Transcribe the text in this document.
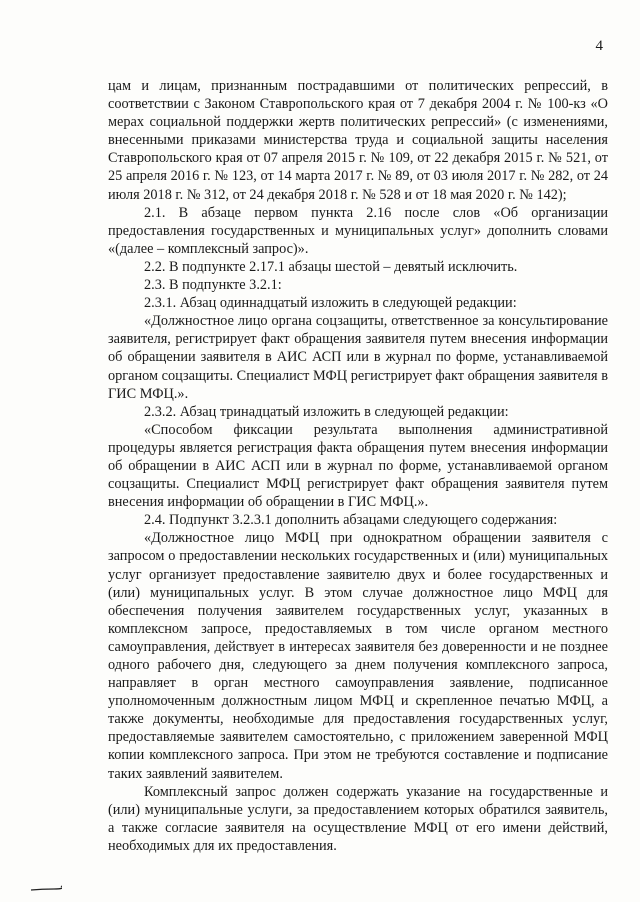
4

цам и лицам, признанным пострадавшими от политических репрессий, в соответствии с Законом Ставропольского края от 7 декабря 2004 г. № 100-кз «О мерах социальной поддержки жертв политических репрессий» (с изменениями, внесенными приказами министерства труда и социальной защиты населения Ставропольского края от 07 апреля 2015 г. № 109, от 22 декабря 2015 г. № 521, от 25 апреля 2016 г. № 123, от 14 марта 2017 г. № 89, от 03 июля 2017 г. № 282, от 24 июля 2018 г. № 312, от 24 декабря 2018 г. № 528 и от 18 мая 2020 г. № 142);

2.1. В абзаце первом пункта 2.16 после слов «Об организации предоставления государственных и муниципальных услуг» дополнить словами «(далее – комплексный запрос)».

2.2. В подпункте 2.17.1 абзацы шестой – девятый исключить.

2.3. В подпункте 3.2.1:

2.3.1. Абзац одиннадцатый изложить в следующей редакции:

«Должностное лицо органа соцзащиты, ответственное за консультирование заявителя, регистрирует факт обращения заявителя путем внесения информации об обращении заявителя в АИС АСП или в журнал по форме, устанавливаемой органом соцзащиты. Специалист МФЦ регистрирует факт обращения заявителя в ГИС МФЦ.».

2.3.2. Абзац тринадцатый изложить в следующей редакции:

«Способом фиксации результата выполнения административной процедуры является регистрация факта обращения путем внесения информации об обращении в АИС АСП или в журнал по форме, устанавливаемой органом соцзащиты. Специалист МФЦ регистрирует факт обращения заявителя путем внесения информации об обращении в ГИС МФЦ.».

2.4. Подпункт 3.2.3.1 дополнить абзацами следующего содержания:

«Должностное лицо МФЦ при однократном обращении заявителя с запросом о предоставлении нескольких государственных и (или) муниципальных услуг организует предоставление заявителю двух и более государственных и (или) муниципальных услуг. В этом случае должностное лицо МФЦ для обеспечения получения заявителем государственных услуг, указанных в комплексном запросе, предоставляемых в том числе органом местного самоуправления, действует в интересах заявителя без доверенности и не позднее одного рабочего дня, следующего за днем получения комплексного запроса, направляет в орган местного самоуправления заявление, подписанное уполномоченным должностным лицом МФЦ и скрепленное печатью МФЦ, а также документы, необходимые для предоставления государственных услуг, предоставляемые заявителем самостоятельно, с приложением заверенной МФЦ копии комплексного запроса. При этом не требуются составление и подписание таких заявлений заявителем.

Комплексный запрос должен содержать указание на государственные и (или) муниципальные услуги, за предоставлением которых обратился заявитель, а также согласие заявителя на осуществление МФЦ от его имени действий, необходимых для их предоставления.
